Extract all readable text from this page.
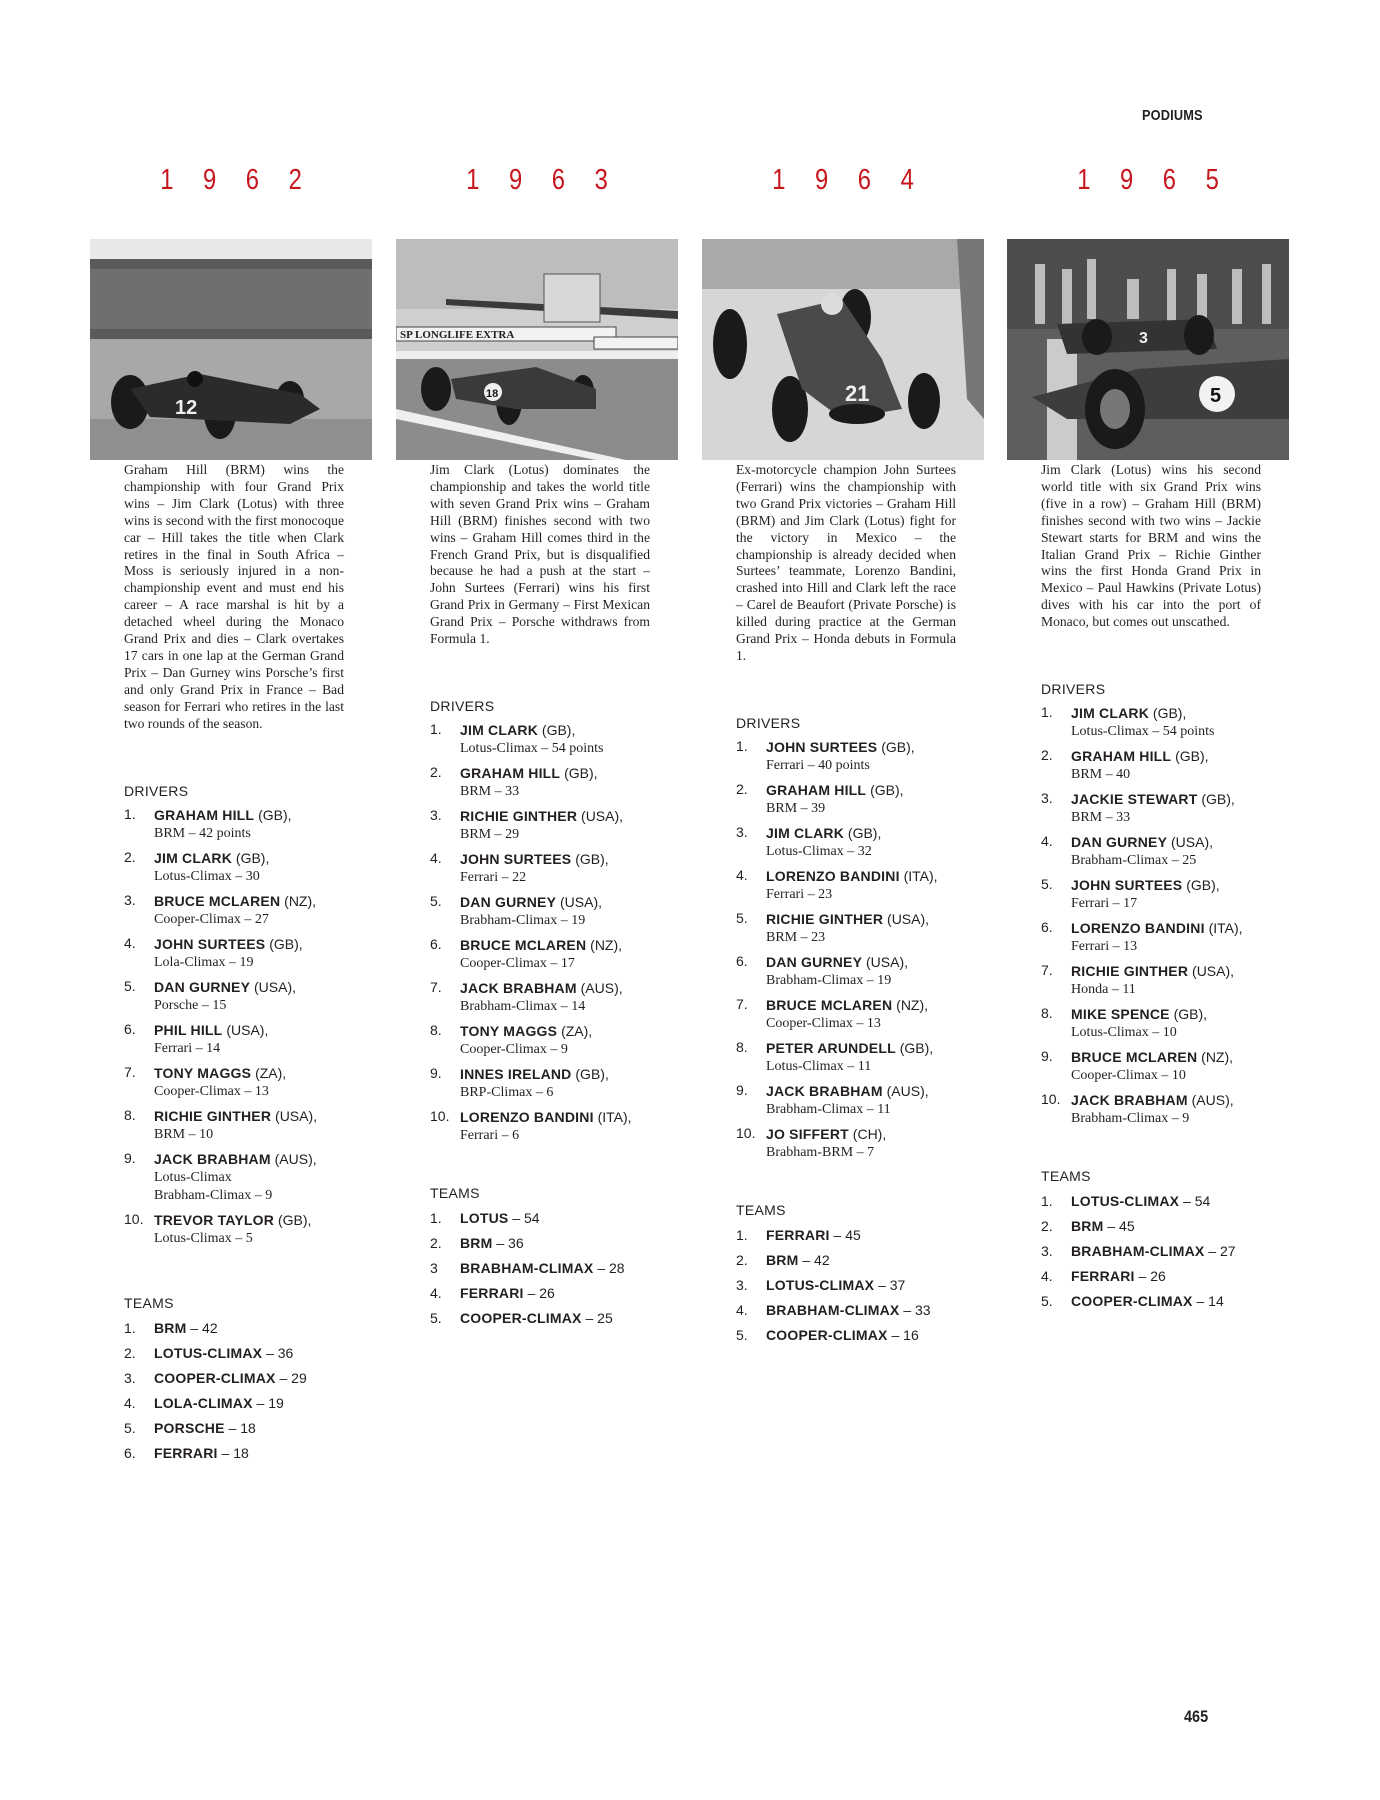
PODIUMS
1 9 6 2
12

Graham Hill (BRM) wins the championship with four Grand Prix wins – Jim Clark (Lotus) with three wins is second with the first monocoque car – Hill takes the title when Clark retires in the final in South Africa – Moss is seriously injured in a non-championship event and must end his career – A race marshal is hit by a detached wheel during the Monaco Grand Prix and dies – Clark overtakes 17 cars in one lap at the German Grand Prix – Dan Gurney wins Porsche’s first and only Grand Prix in France – Bad season for Ferrari who retires in the last two rounds of the season.

DRIVERS
1. GRAHAM HILL (GB),
BRM – 42 points
2. JIM CLARK (GB),
Lotus-Climax – 30
3. BRUCE MCLAREN (NZ),
Cooper-Climax – 27
4. JOHN SURTEES (GB),
Lola-Climax – 19
5. DAN GURNEY (USA),
Porsche – 15
6. PHIL HILL (USA),
Ferrari – 14
7. TONY MAGGS (ZA),
Cooper-Climax – 13
8. RICHIE GINTHER (USA),
BRM – 10
9. JACK BRABHAM (AUS),
Lotus-Climax
Brabham-Climax – 9
10. TREVOR TAYLOR (GB),
Lotus-Climax – 5
TEAMS
1. BRM – 42
2. LOTUS-CLIMAX – 36
3. COOPER-CLIMAX – 29
4. LOLA-CLIMAX – 19
5. PORSCHE – 18
6. FERRARI – 18
1 9 6 3
SP LONGLIFE EXTRA
18

Jim Clark (Lotus) dominates the championship and takes the world title with seven Grand Prix wins – Graham Hill (BRM) finishes second with two wins – Graham Hill comes third in the French Grand Prix, but is disqualified because he had a push at the start – John Surtees (Ferrari) wins his first Grand Prix in Germany – First Mexican Grand Prix – Porsche withdraws from Formula 1.

DRIVERS
1. JIM CLARK (GB),
Lotus-Climax – 54 points
2. GRAHAM HILL (GB),
BRM – 33
3. RICHIE GINTHER (USA),
BRM – 29
4. JOHN SURTEES (GB),
Ferrari – 22
5. DAN GURNEY (USA),
Brabham-Climax – 19
6. BRUCE MCLAREN (NZ),
Cooper-Climax – 17
7. JACK BRABHAM (AUS),
Brabham-Climax – 14
8. TONY MAGGS (ZA),
Cooper-Climax – 9
9. INNES IRELAND (GB),
BRP-Climax – 6
10. LORENZO BANDINI (ITA),
Ferrari – 6
TEAMS
1. LOTUS – 54
2. BRM – 36
3 BRABHAM-CLIMAX – 28
4. FERRARI – 26
5. COOPER-CLIMAX – 25
1 9 6 4
21

Ex-motorcycle champion John Surtees (Ferrari) wins the championship with two Grand Prix victories – Graham Hill (BRM) and Jim Clark (Lotus) fight for the victory in Mexico – the championship is already decided when Surtees’ teammate, Lorenzo Bandini, crashed into Hill and Clark left the race – Carel de Beaufort (Private Porsche) is killed during practice at the German Grand Prix – Honda debuts in Formula 1.

DRIVERS
1. JOHN SURTEES (GB),
Ferrari – 40 points
2. GRAHAM HILL (GB),
BRM – 39
3. JIM CLARK (GB),
Lotus-Climax – 32
4. LORENZO BANDINI (ITA),
Ferrari – 23
5. RICHIE GINTHER (USA),
BRM – 23
6. DAN GURNEY (USA),
Brabham-Climax – 19
7. BRUCE MCLAREN (NZ),
Cooper-Climax – 13
8. PETER ARUNDELL (GB),
Lotus-Climax – 11
9. JACK BRABHAM (AUS),
Brabham-Climax – 11
10. JO SIFFERT (CH),
Brabham-BRM – 7
TEAMS
1. FERRARI – 45
2. BRM – 42
3. LOTUS-CLIMAX – 37
4. BRABHAM-CLIMAX – 33
5. COOPER-CLIMAX – 16
1 9 6 5
3
5

Jim Clark (Lotus) wins his second world title with six Grand Prix wins (five in a row) – Graham Hill (BRM) finishes second with two wins – Jackie Stewart starts for BRM and wins the Italian Grand Prix – Richie Ginther wins the first Honda Grand Prix in Mexico – Paul Hawkins (Private Lotus) dives with his car into the port of Monaco, but comes out unscathed.

DRIVERS
1. JIM CLARK (GB),
Lotus-Climax – 54 points
2. GRAHAM HILL (GB),
BRM – 40
3. JACKIE STEWART (GB),
BRM – 33
4. DAN GURNEY (USA),
Brabham-Climax – 25
5. JOHN SURTEES (GB),
Ferrari – 17
6. LORENZO BANDINI (ITA),
Ferrari – 13
7. RICHIE GINTHER (USA),
Honda – 11
8. MIKE SPENCE (GB),
Lotus-Climax – 10
9. BRUCE MCLAREN (NZ),
Cooper-Climax – 10
10. JACK BRABHAM (AUS),
Brabham-Climax – 9
TEAMS
1. LOTUS-CLIMAX – 54
2. BRM – 45
3. BRABHAM-CLIMAX – 27
4. FERRARI – 26
5. COOPER-CLIMAX – 14
465
